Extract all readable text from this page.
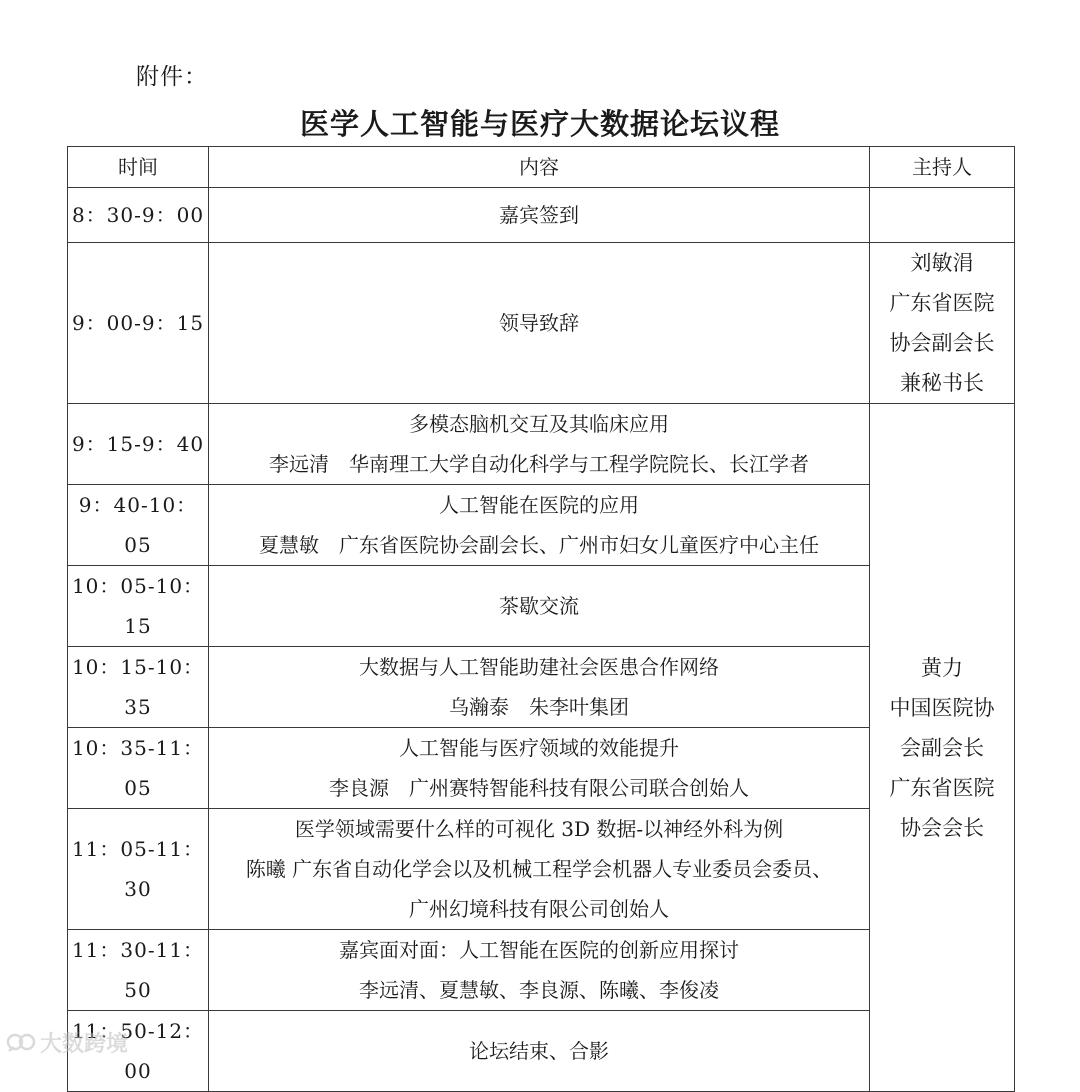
附件：
医学人工智能与医疗大数据论坛议程
时间	内容	主持人	
8：30-9：00	嘉宾签到		

9：00-9：15	领导致辞	刘敏涓
广东省医院
协会副会长
兼秘书长	

9：15-9：40	多模态脑机交互及其临床应用
李远清　华南理工大学自动化科学与工程学院院长、长江学者	黄力
中国医院协
会副会长
广东省医院
协会会长	

9：40-10：05	人工智能在医院的应用
夏慧敏　广东省医院协会副会长、广州市妇女儿童医疗中心主任		

10：05-10：15	茶歇交流		

10：15-10：35	大数据与人工智能助建社会医患合作网络
乌瀚泰　朱李叶集团		

10：35-11：05	人工智能与医疗领域的效能提升
李良源　广州赛特智能科技有限公司联合创始人		

11：05-11：30	医学领域需要什么样的可视化 3D 数据-以神经外科为例
陈曦 广东省自动化学会以及机械工程学会机器人专业委员会委员、
广州幻境科技有限公司创始人		

11：30-11：50	嘉宾面对面：人工智能在医院的创新应用探讨
李远清、夏慧敏、李良源、陈曦、李俊凌		

11：50-12：00	论坛结束、合影		

大数跨境
